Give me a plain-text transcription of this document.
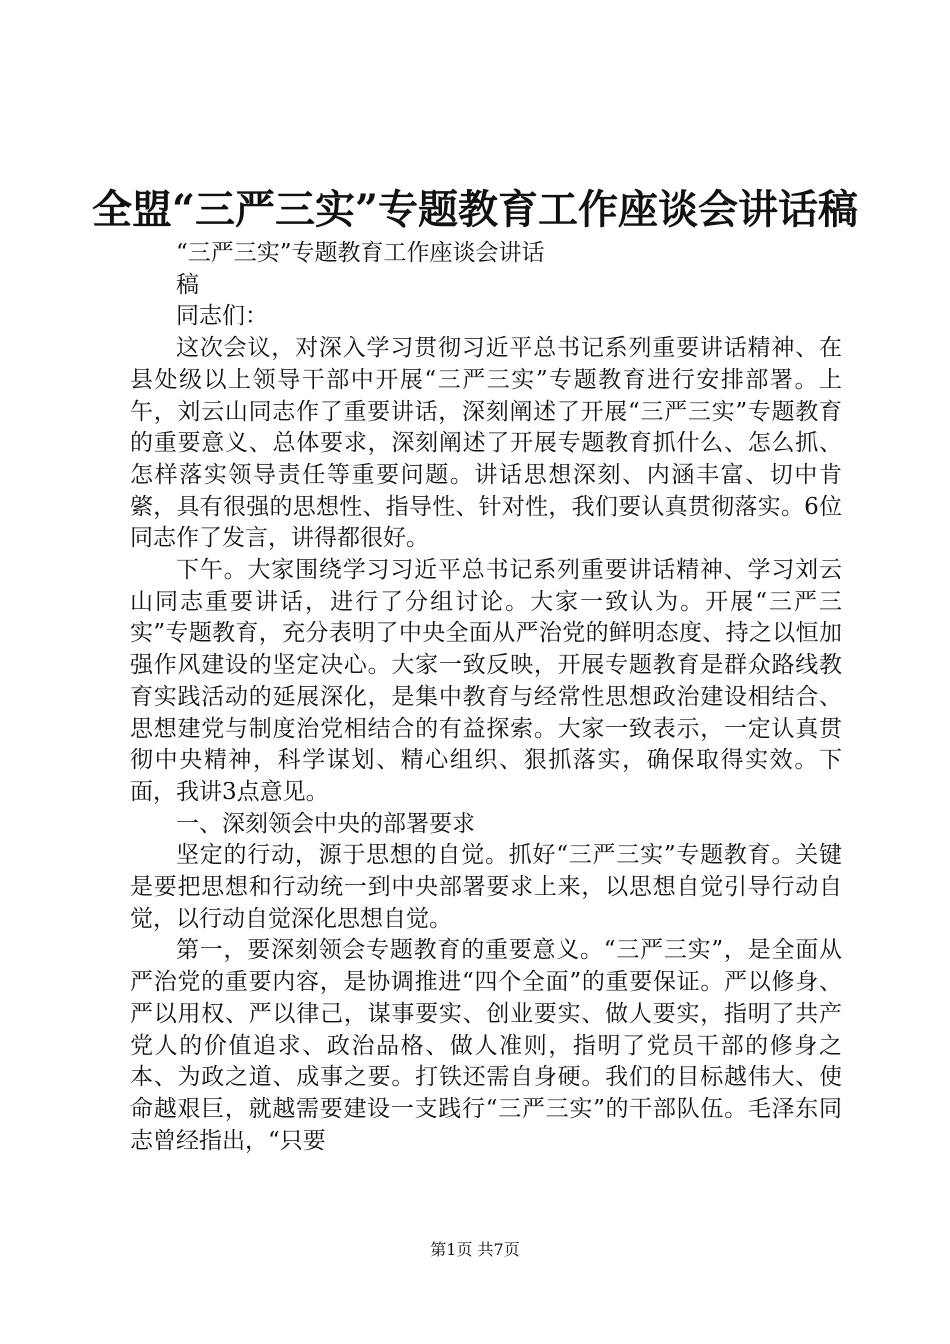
全盟“三严三实”专题教育工作座谈会讲话稿

“三严三实”专题教育工作座谈会讲话

稿

同志们：

这次会议，对深入学习贯彻习近平总书记系列重要讲话精神、在县处级以上领导干部中开展“三严三实”专题教育进行安排部署。上午，刘云山同志作了重要讲话，深刻阐述了开展“三严三实”专题教育的重要意义、总体要求，深刻阐述了开展专题教育抓什么、怎么抓、怎样落实领导责任等重要问题。讲话思想深刻、内涵丰富、切中肯綮，具有很强的思想性、指导性、针对性，我们要认真贯彻落实。6位同志作了发言，讲得都很好。

下午。大家围绕学习习近平总书记系列重要讲话精神、学习刘云山同志重要讲话，进行了分组讨论。大家一致认为。开展“三严三实”专题教育，充分表明了中央全面从严治党的鲜明态度、持之以恒加强作风建设的坚定决心。大家一致反映，开展专题教育是群众路线教育实践活动的延展深化，是集中教育与经常性思想政治建设相结合、思想建党与制度治党相结合的有益探索。大家一致表示，一定认真贯彻中央精神，科学谋划、精心组织、狠抓落实，确保取得实效。下面，我讲3点意见。

一、深刻领会中央的部署要求

坚定的行动，源于思想的自觉。抓好“三严三实”专题教育。关键是要把思想和行动统一到中央部署要求上来，以思想自觉引导行动自觉，以行动自觉深化思想自觉。

第一，要深刻领会专题教育的重要意义。“三严三实”，是全面从严治党的重要内容，是协调推进“四个全面”的重要保证。严以修身、严以用权、严以律己，谋事要实、创业要实、做人要实，指明了共产党人的价值追求、政治品格、做人准则，指明了党员干部的修身之本、为政之道、成事之要。打铁还需自身硬。我们的目标越伟大、使命越艰巨，就越需要建设一支践行“三严三实”的干部队伍。毛泽东同志曾经指出，“只要

第1页 共7页
